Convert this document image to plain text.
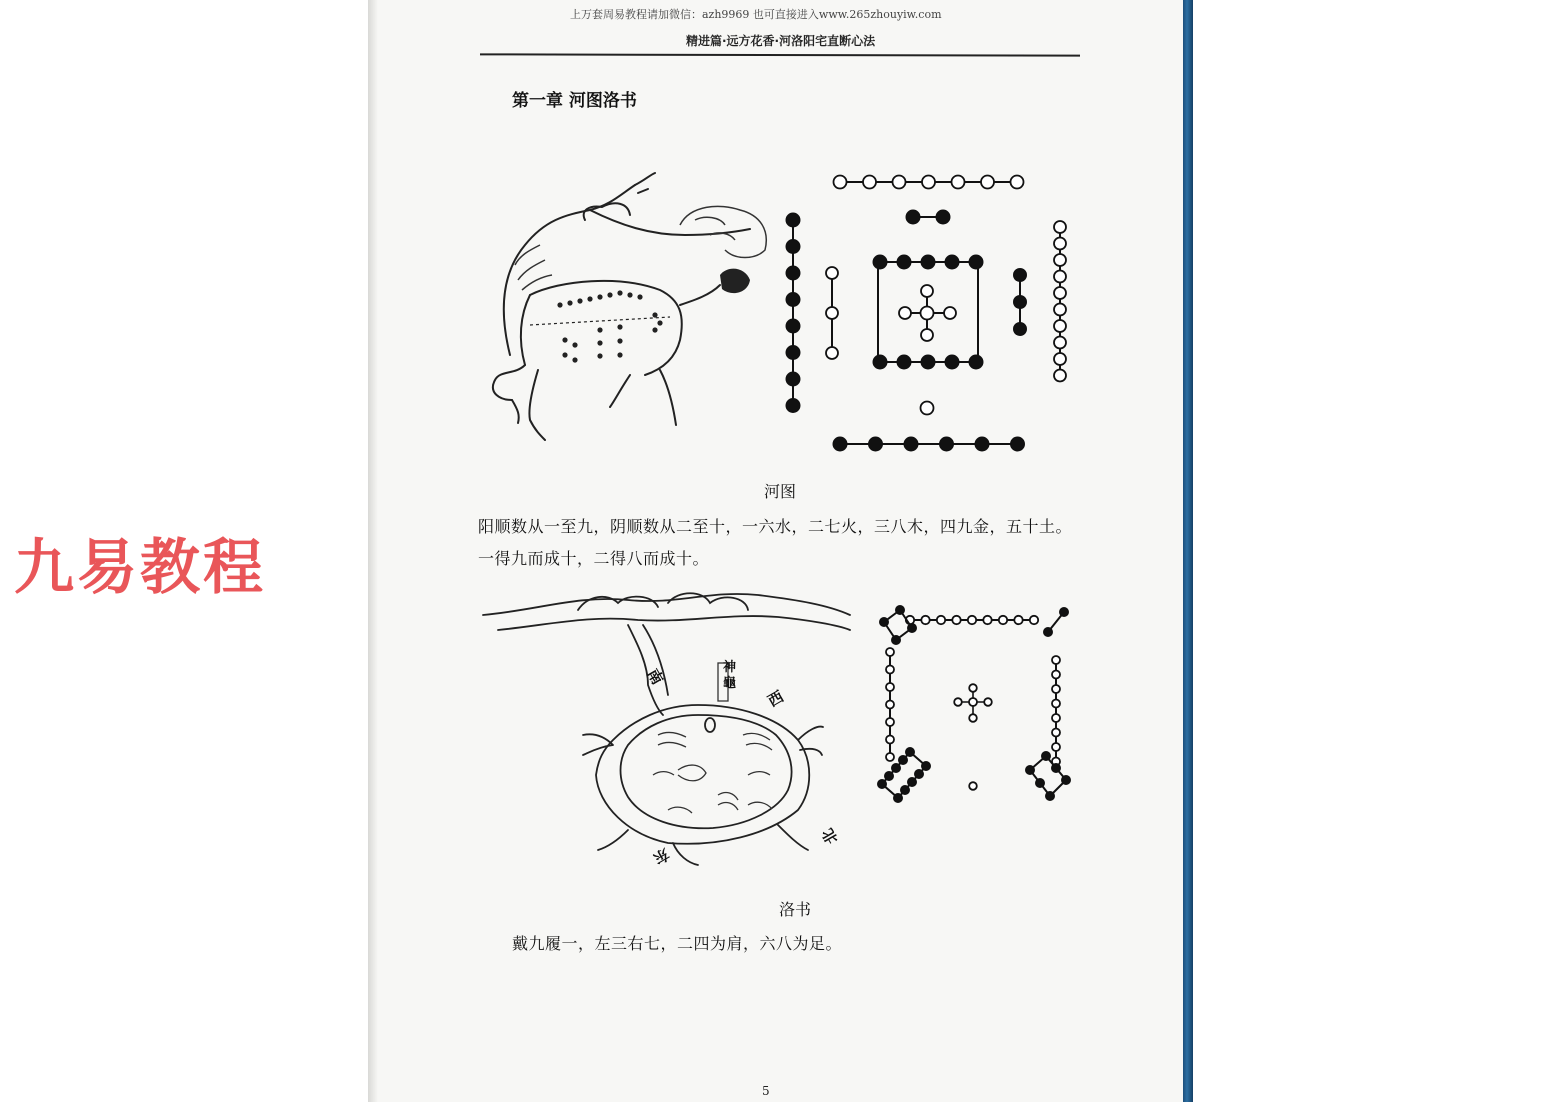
上万套周易教程请加微信：azh9969 也可直接进入www.265zhouyiw.com
精进篇·远方花香·河洛阳宅直断心法
第一章 河图洛书
河图
阳顺数从一至九，阴顺数从二至十，一六水，二七火，三八木，四九金，五十土。
一得九而成十，二得八而成十。
南
西
东
北
神龜
洛书
戴九履一，左三右七，二四为肩，六八为足。
5
九易教程
